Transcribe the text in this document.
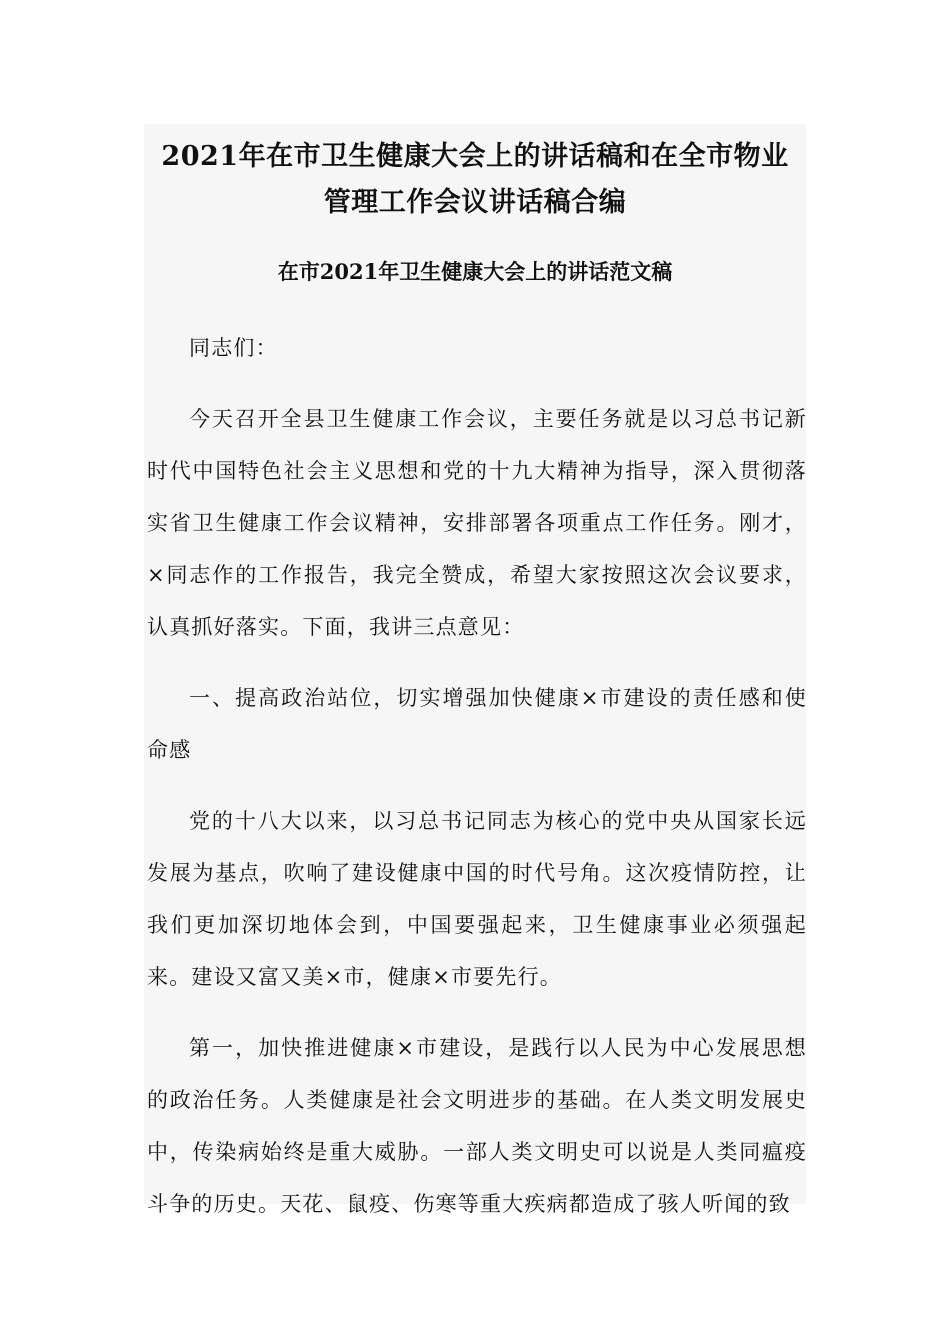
2021年在市卫生健康大会上的讲话稿和在全市物业
管理工作会议讲话稿合编
在市2021年卫生健康大会上的讲话范文稿

同志们：

今天召开全县卫生健康工作会议，主要任务就是以习总书记新时代中国特色社会主义思想和党的十九大精神为指导，深入贯彻落实省卫生健康工作会议精神，安排部署各项重点工作任务。刚才，×同志作的工作报告，我完全赞成，希望大家按照这次会议要求，认真抓好落实。下面，我讲三点意见：

一、提高政治站位，切实增强加快健康×市建设的责任感和使命感

党的十八大以来，以习总书记同志为核心的党中央从国家长远发展为基点，吹响了建设健康中国的时代号角。这次疫情防控，让我们更加深切地体会到，中国要强起来，卫生健康事业必须强起来。建设又富又美×市，健康×市要先行。

第一，加快推进健康×市建设，是践行以人民为中心发展思想的政治任务。人类健康是社会文明进步的基础。在人类文明发展史中，传染病始终是重大威胁。一部人类文明史可以说是人类同瘟疫斗争的历史。天花、鼠疫、伤寒等重大疾病都造成了骇人听闻的致
